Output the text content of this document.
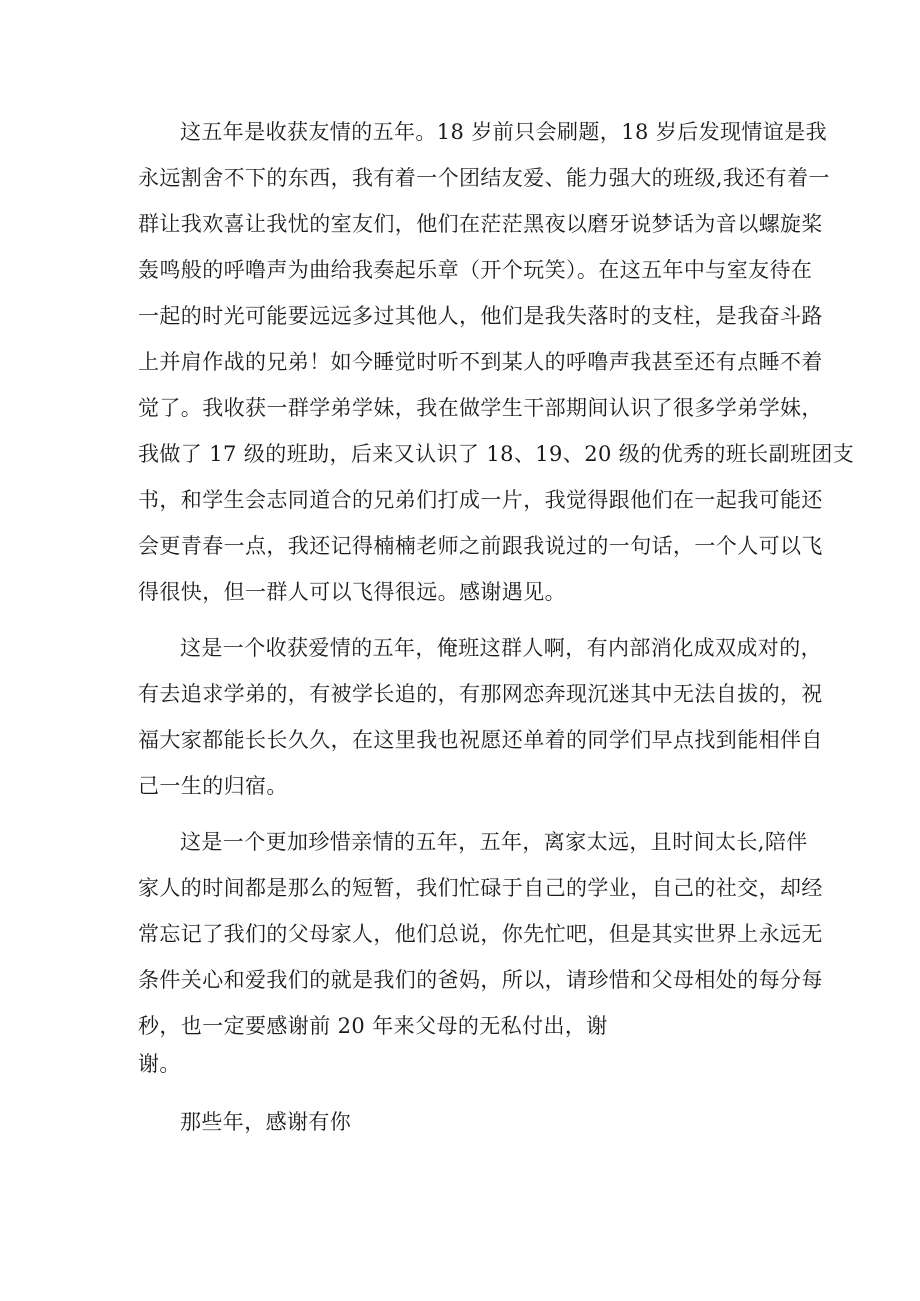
这五年是收获友情的五年。18 岁前只会刷题，18 岁后发现情谊是我
永远割舍不下的东西，我有着一个团结友爱、能力强大的班级,我还有着一
群让我欢喜让我忧的室友们，他们在茫茫黑夜以磨牙说梦话为音以螺旋桨
轰鸣般的呼噜声为曲给我奏起乐章（开个玩笑）。在这五年中与室友待在
一起的时光可能要远远多过其他人，他们是我失落时的支柱，是我奋斗路
上并肩作战的兄弟！如今睡觉时听不到某人的呼噜声我甚至还有点睡不着
觉了。我收获一群学弟学妹，我在做学生干部期间认识了很多学弟学妹，
我做了 17 级的班助，后来又认识了 18、19、20 级的优秀的班长副班团支
书，和学生会志同道合的兄弟们打成一片，我觉得跟他们在一起我可能还
会更青春一点，我还记得楠楠老师之前跟我说过的一句话，一个人可以飞
得很快，但一群人可以飞得很远。感谢遇见。
这是一个收获爱情的五年，俺班这群人啊，有内部消化成双成对的，
有去追求学弟的，有被学长追的，有那网恋奔现沉迷其中无法自拔的，祝
福大家都能长长久久，在这里我也祝愿还单着的同学们早点找到能相伴自
己一生的归宿。
这是一个更加珍惜亲情的五年，五年，离家太远，且时间太长,陪伴
家人的时间都是那么的短暂，我们忙碌于自己的学业，自己的社交，却经
常忘记了我们的父母家人，他们总说，你先忙吧，但是其实世界上永远无
条件关心和爱我们的就是我们的爸妈，所以，请珍惜和父母相处的每分每
秒，也一定要感谢前 20 年来父母的无私付出，谢
谢。
那些年，感谢有你
